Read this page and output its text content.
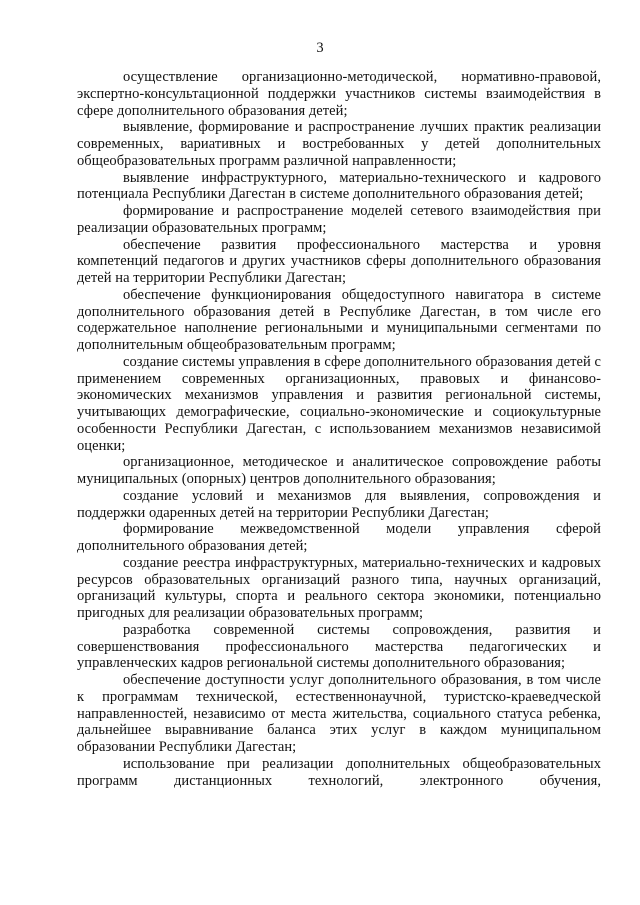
3

осуществление организационно-методической, нормативно-правовой, экспертно-консультационной поддержки участников системы взаимодействия в сфере дополнительного образования детей;

выявление, формирование и распространение лучших практик реализации современных, вариативных и востребованных у детей дополнительных общеобразовательных программ различной направленности;

выявление инфраструктурного, материально-технического и кадрового потенциала Республики Дагестан в системе дополнительного образования детей;

формирование и распространение моделей сетевого взаимодействия при реализации образовательных программ;

обеспечение развития профессионального мастерства и уровня компетенций педагогов и других участников сферы дополнительного образования детей на территории Республики Дагестан;

обеспечение функционирования общедоступного навигатора в системе дополнительного образования детей в Республике Дагестан, в том числе его содержательное наполнение региональными и муниципальными сегментами по дополнительным общеобразовательным программ;

создание системы управления в сфере дополнительного образования детей с применением современных организационных, правовых и финансово-экономических механизмов управления и развития региональной системы, учитывающих демографические, социально-экономические и социокультурные особенности Республики Дагестан, с использованием механизмов независимой оценки;

организационное, методическое и аналитическое сопровождение работы муниципальных (опорных) центров дополнительного образования;

создание условий и механизмов для выявления, сопровождения и поддержки одаренных детей на территории Республики Дагестан;

формирование межведомственной модели управления сферой дополнительного образования детей;

создание реестра инфраструктурных, материально-технических и кадровых ресурсов образовательных организаций разного типа, научных организаций, организаций культуры, спорта и реального сектора экономики, потенциально пригодных для реализации образовательных программ;

разработка современной системы сопровождения, развития и совершенствования профессионального мастерства педагогических и управленческих кадров региональной системы дополнительного образования;

обеспечение доступности услуг дополнительного образования, в том числе к программам технической, естественнонаучной, туристско-краеведческой направленностей, независимо от места жительства, социального статуса ребенка, дальнейшее выравнивание баланса этих услуг в каждом муниципальном образовании Республики Дагестан;

использование при реализации дополнительных общеобразовательных программ дистанционных технологий, электронного обучения,
